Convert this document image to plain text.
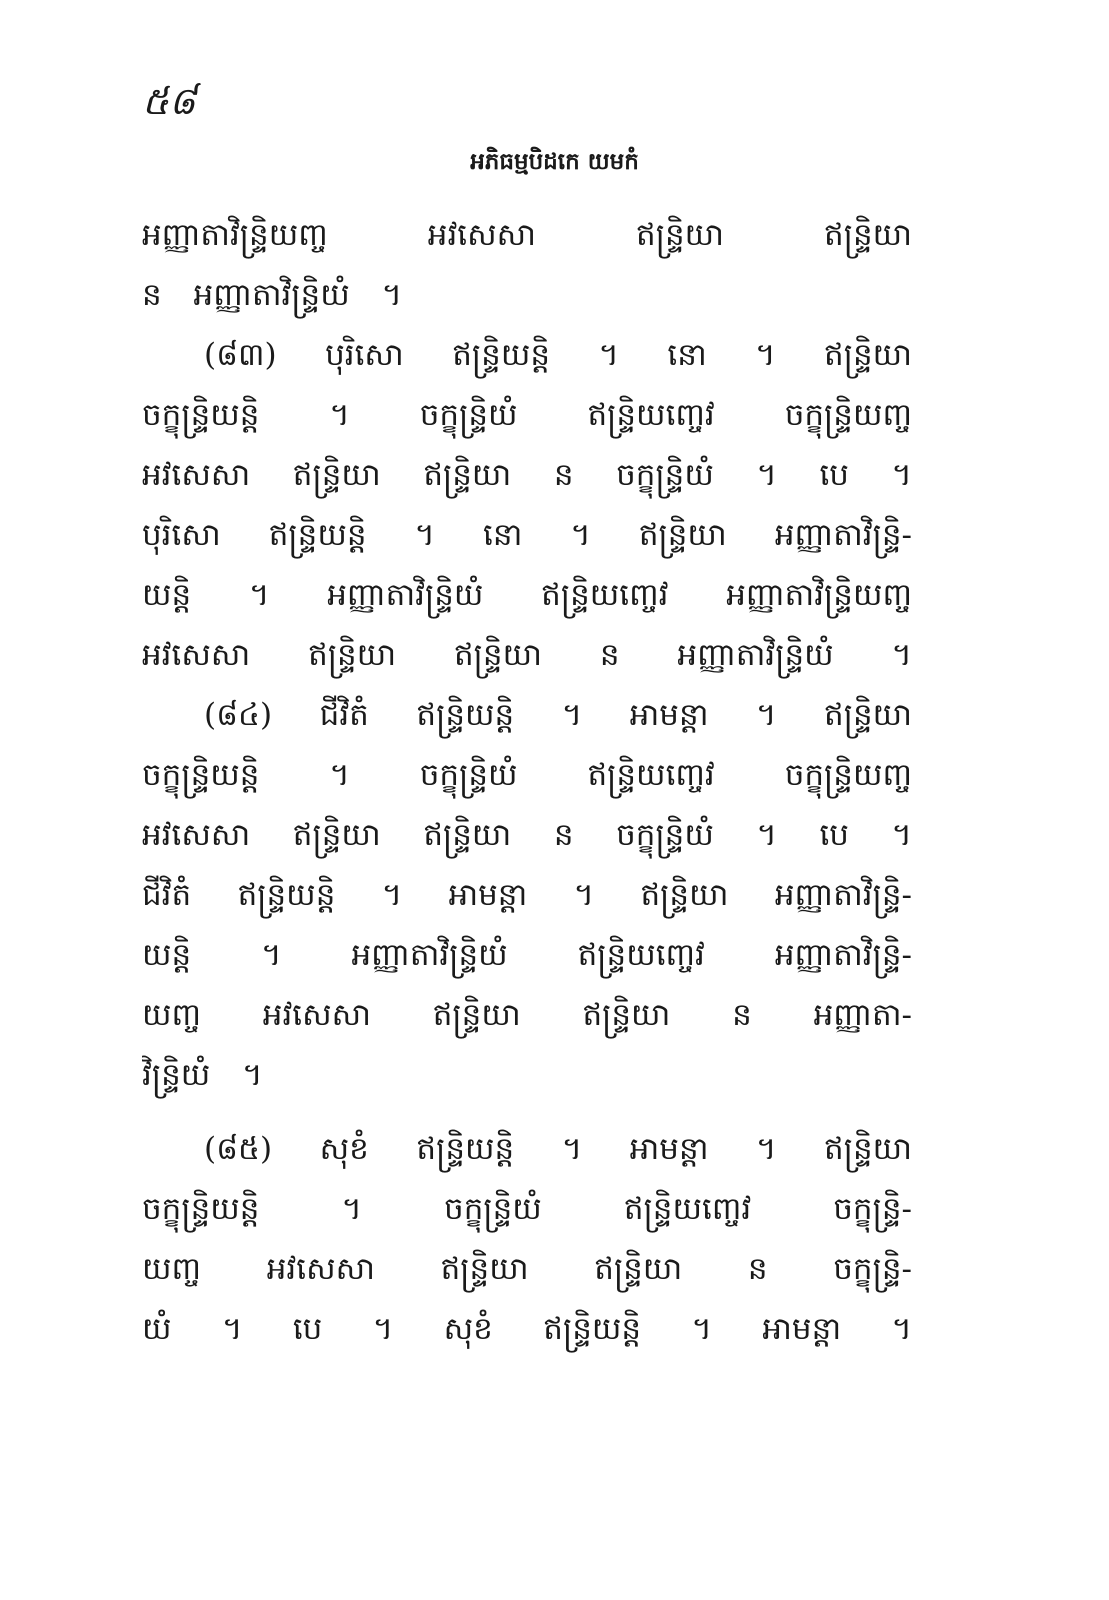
៥៨
អភិធម្មបិដកេ យមកំ
អញ្ញាតាវិន្ទ្រិយញ្ច អវសេសា ឥន្ទ្រិយា ឥន្ទ្រិយា
ន អញ្ញាតាវិន្ទ្រិយំ ។
(៨៣) បុរិសោ ឥន្ទ្រិយន្តិ ។ នោ ។ ឥន្ទ្រិយា
ចក្ខុន្ទ្រិយន្តិ ។ ចក្ខុន្ទ្រិយំ ឥន្ទ្រិយញ្ចេវ ចក្ខុន្ទ្រិយញ្ច
អវសេសា ឥន្ទ្រិយា ឥន្ទ្រិយា ន ចក្ខុន្ទ្រិយំ ។ បេ ។
បុរិសោ ឥន្ទ្រិយន្តិ ។ នោ ។ ឥន្ទ្រិយា អញ្ញាតាវិន្ទ្រិ-
យន្តិ ។ អញ្ញាតាវិន្ទ្រិយំ ឥន្ទ្រិយញ្ចេវ អញ្ញាតាវិន្ទ្រិយញ្ច
អវសេសា ឥន្ទ្រិយា ឥន្ទ្រិយា ន អញ្ញាតាវិន្ទ្រិយំ ។
(៨៤) ជីវិតំ ឥន្ទ្រិយន្តិ ។ អាមន្តា ។ ឥន្ទ្រិយា
ចក្ខុន្ទ្រិយន្តិ ។ ចក្ខុន្ទ្រិយំ ឥន្ទ្រិយញ្ចេវ ចក្ខុន្ទ្រិយញ្ច
អវសេសា ឥន្ទ្រិយា ឥន្ទ្រិយា ន ចក្ខុន្ទ្រិយំ ។ បេ ។
ជីវិតំ ឥន្ទ្រិយន្តិ ។ អាមន្តា ។ ឥន្ទ្រិយា អញ្ញាតាវិន្ទ្រិ-
យន្តិ ។ អញ្ញាតាវិន្ទ្រិយំ ឥន្ទ្រិយញ្ចេវ អញ្ញាតាវិន្ទ្រិ-
យញ្ច អវសេសា ឥន្ទ្រិយា ឥន្ទ្រិយា ន អញ្ញាតា-
វិន្ទ្រិយំ ។
(៨៥) សុខំ ឥន្ទ្រិយន្តិ ។ អាមន្តា ។ ឥន្ទ្រិយា
ចក្ខុន្ទ្រិយន្តិ ។ ចក្ខុន្ទ្រិយំ ឥន្ទ្រិយញ្ចេវ ចក្ខុន្ទ្រិ-
យញ្ច អវសេសា ឥន្ទ្រិយា ឥន្ទ្រិយា ន ចក្ខុន្ទ្រិ-
យំ ។ បេ ។ សុខំ ឥន្ទ្រិយន្តិ ។ អាមន្តា ។
